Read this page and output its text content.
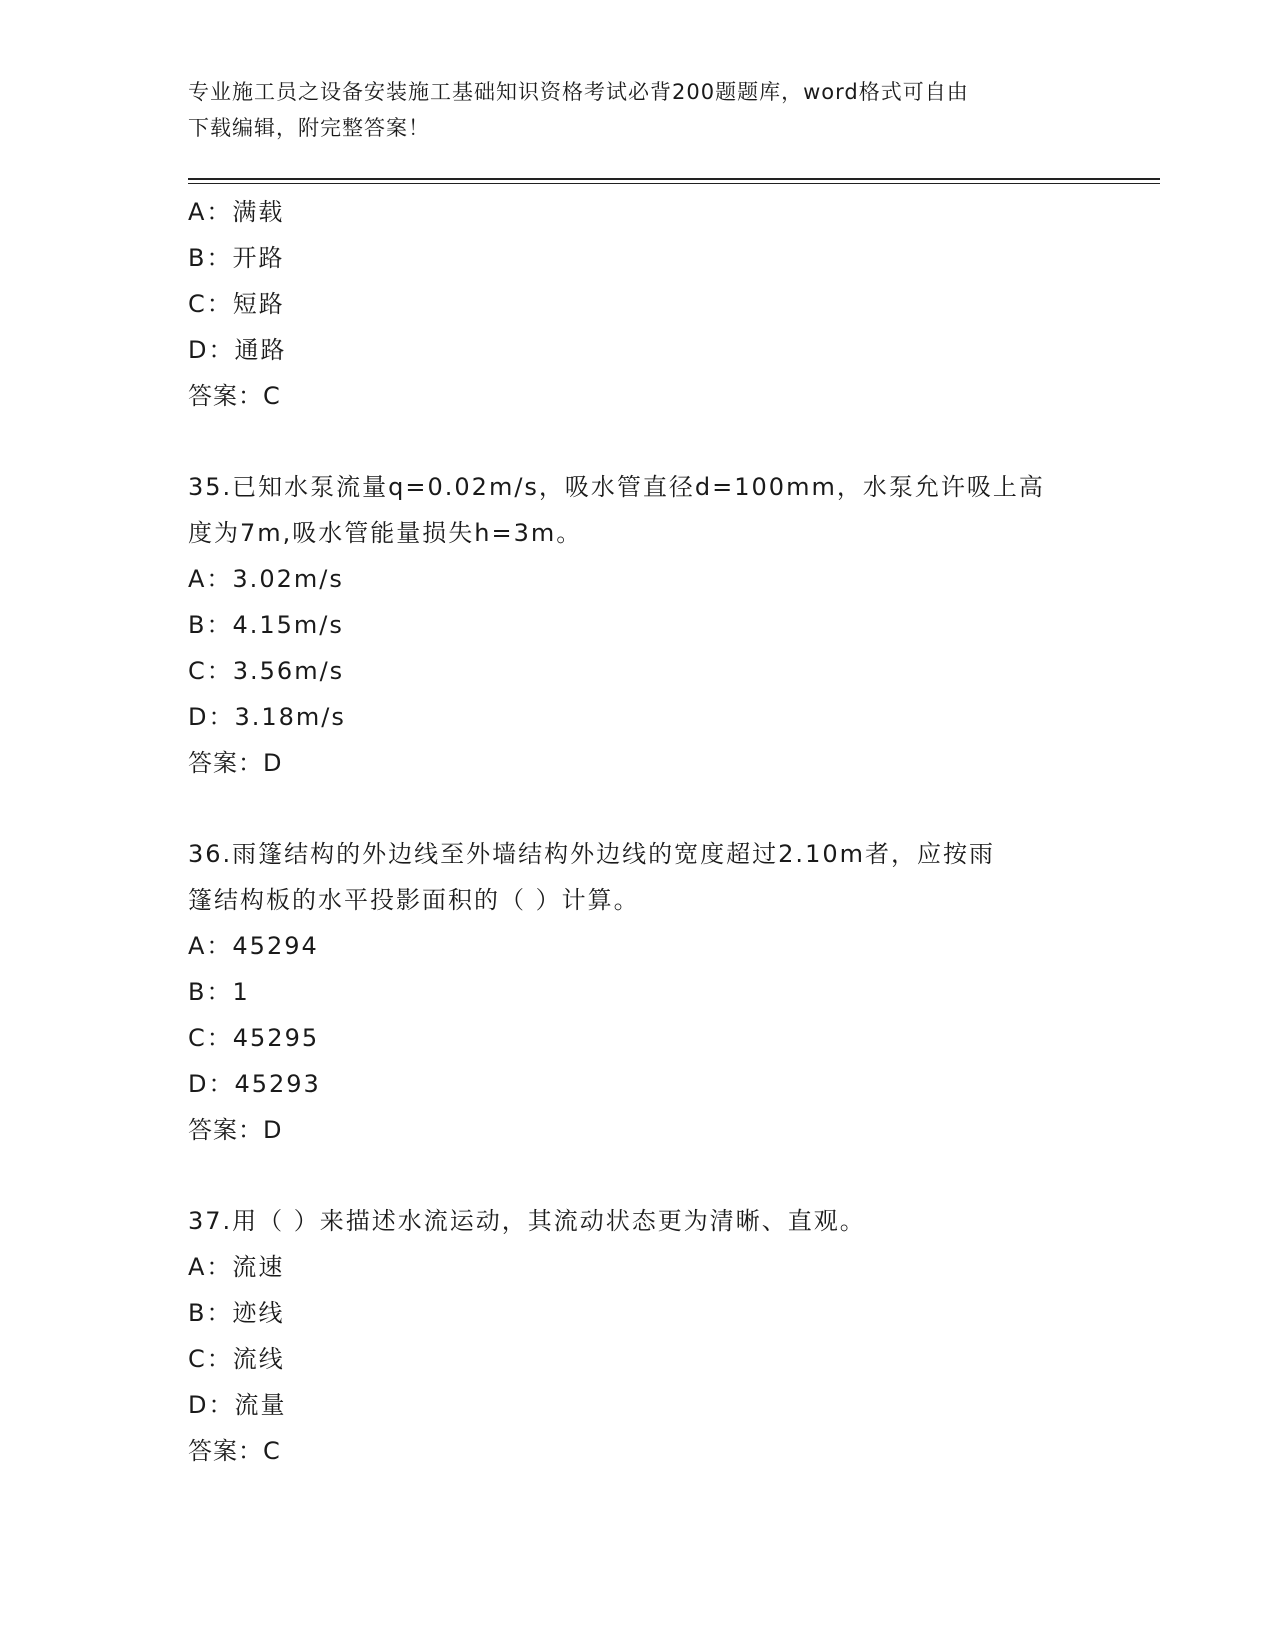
专业施工员之设备安装施工基础知识资格考试必背200题题库，word格式可自由
下载编辑，附完整答案！
A：满载
B：开路
C：短路
D：通路
答案：C
35.已知水泵流量q=0.02m/s，吸水管直径d=100mm，水泵允许吸上高
度为7m,吸水管能量损失h=3m。
A：3.02m/s
B：4.15m/s
C：3.56m/s
D：3.18m/s
答案：D
36.雨篷结构的外边线至外墙结构外边线的宽度超过2.10m者，应按雨
篷结构板的水平投影面积的（ ）计算。
A：45294
B：1
C：45295
D：45293
答案：D
37.用（ ）来描述水流运动，其流动状态更为清晰、直观。
A：流速
B：迹线
C：流线
D：流量
答案：C
